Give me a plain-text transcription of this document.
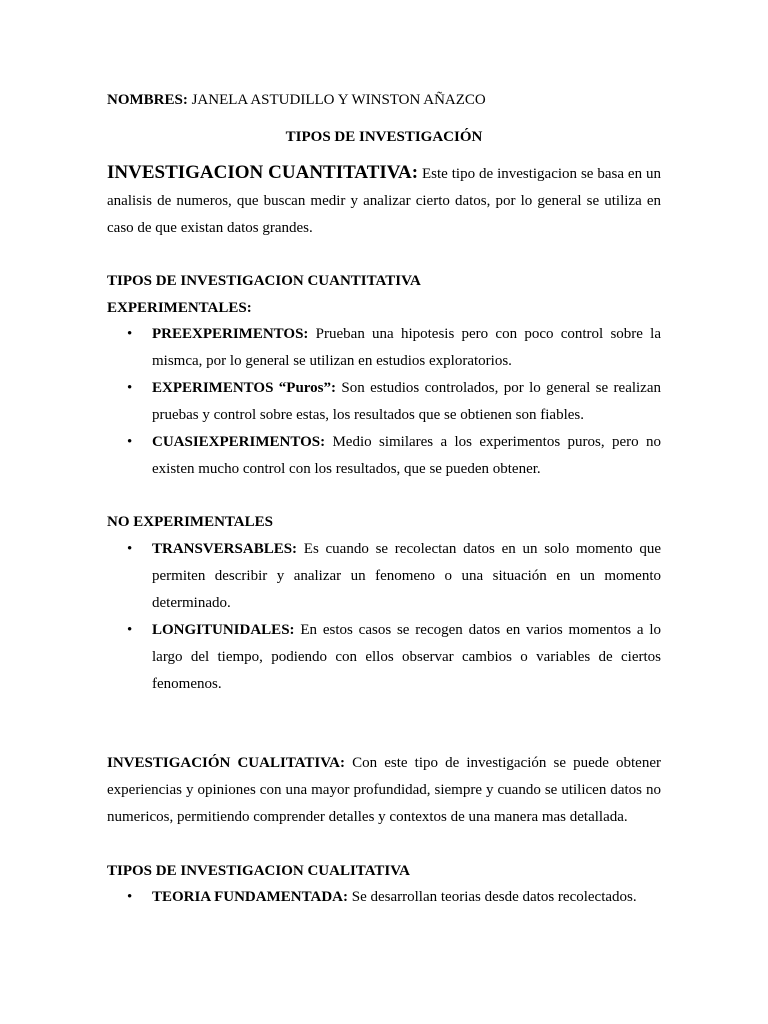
NOMBRES: JANELA ASTUDILLO Y WINSTON AÑAZCO
TIPOS DE INVESTIGACIÓN
INVESTIGACION CUANTITATIVA: Este tipo de investigacion se basa en un analisis de numeros, que buscan medir y analizar cierto datos, por lo general se utiliza en caso de que existan datos grandes.
TIPOS DE INVESTIGACION CUANTITATIVA
EXPERIMENTALES:
• PREEXPERIMENTOS: Prueban una hipotesis pero con poco control sobre la mismca, por lo general se utilizan en estudios exploratorios.
• EXPERIMENTOS “Puros”: Son estudios controlados, por lo general se realizan pruebas y control sobre estas, los resultados que se obtienen son fiables.
• CUASIEXPERIMENTOS: Medio similares a los experimentos puros, pero no existen mucho control con los resultados, que se pueden obtener.
NO EXPERIMENTALES
• TRANSVERSABLES: Es cuando se recolectan datos en un solo momento que permiten describir y analizar un fenomeno o una situación en un momento determinado.
• LONGITUNIDALES: En estos casos se recogen datos en varios momentos a lo largo del tiempo, podiendo con ellos observar cambios o variables de ciertos fenomenos.
INVESTIGACIÓN CUALITATIVA: Con este tipo de investigación se puede obtener experiencias y opiniones con una mayor profundidad, siempre y cuando se utilicen datos no numericos, permitiendo comprender detalles y contextos de una manera mas detallada.
TIPOS DE INVESTIGACION CUALITATIVA
• TEORIA FUNDAMENTADA: Se desarrollan teorias desde datos recolectados.
